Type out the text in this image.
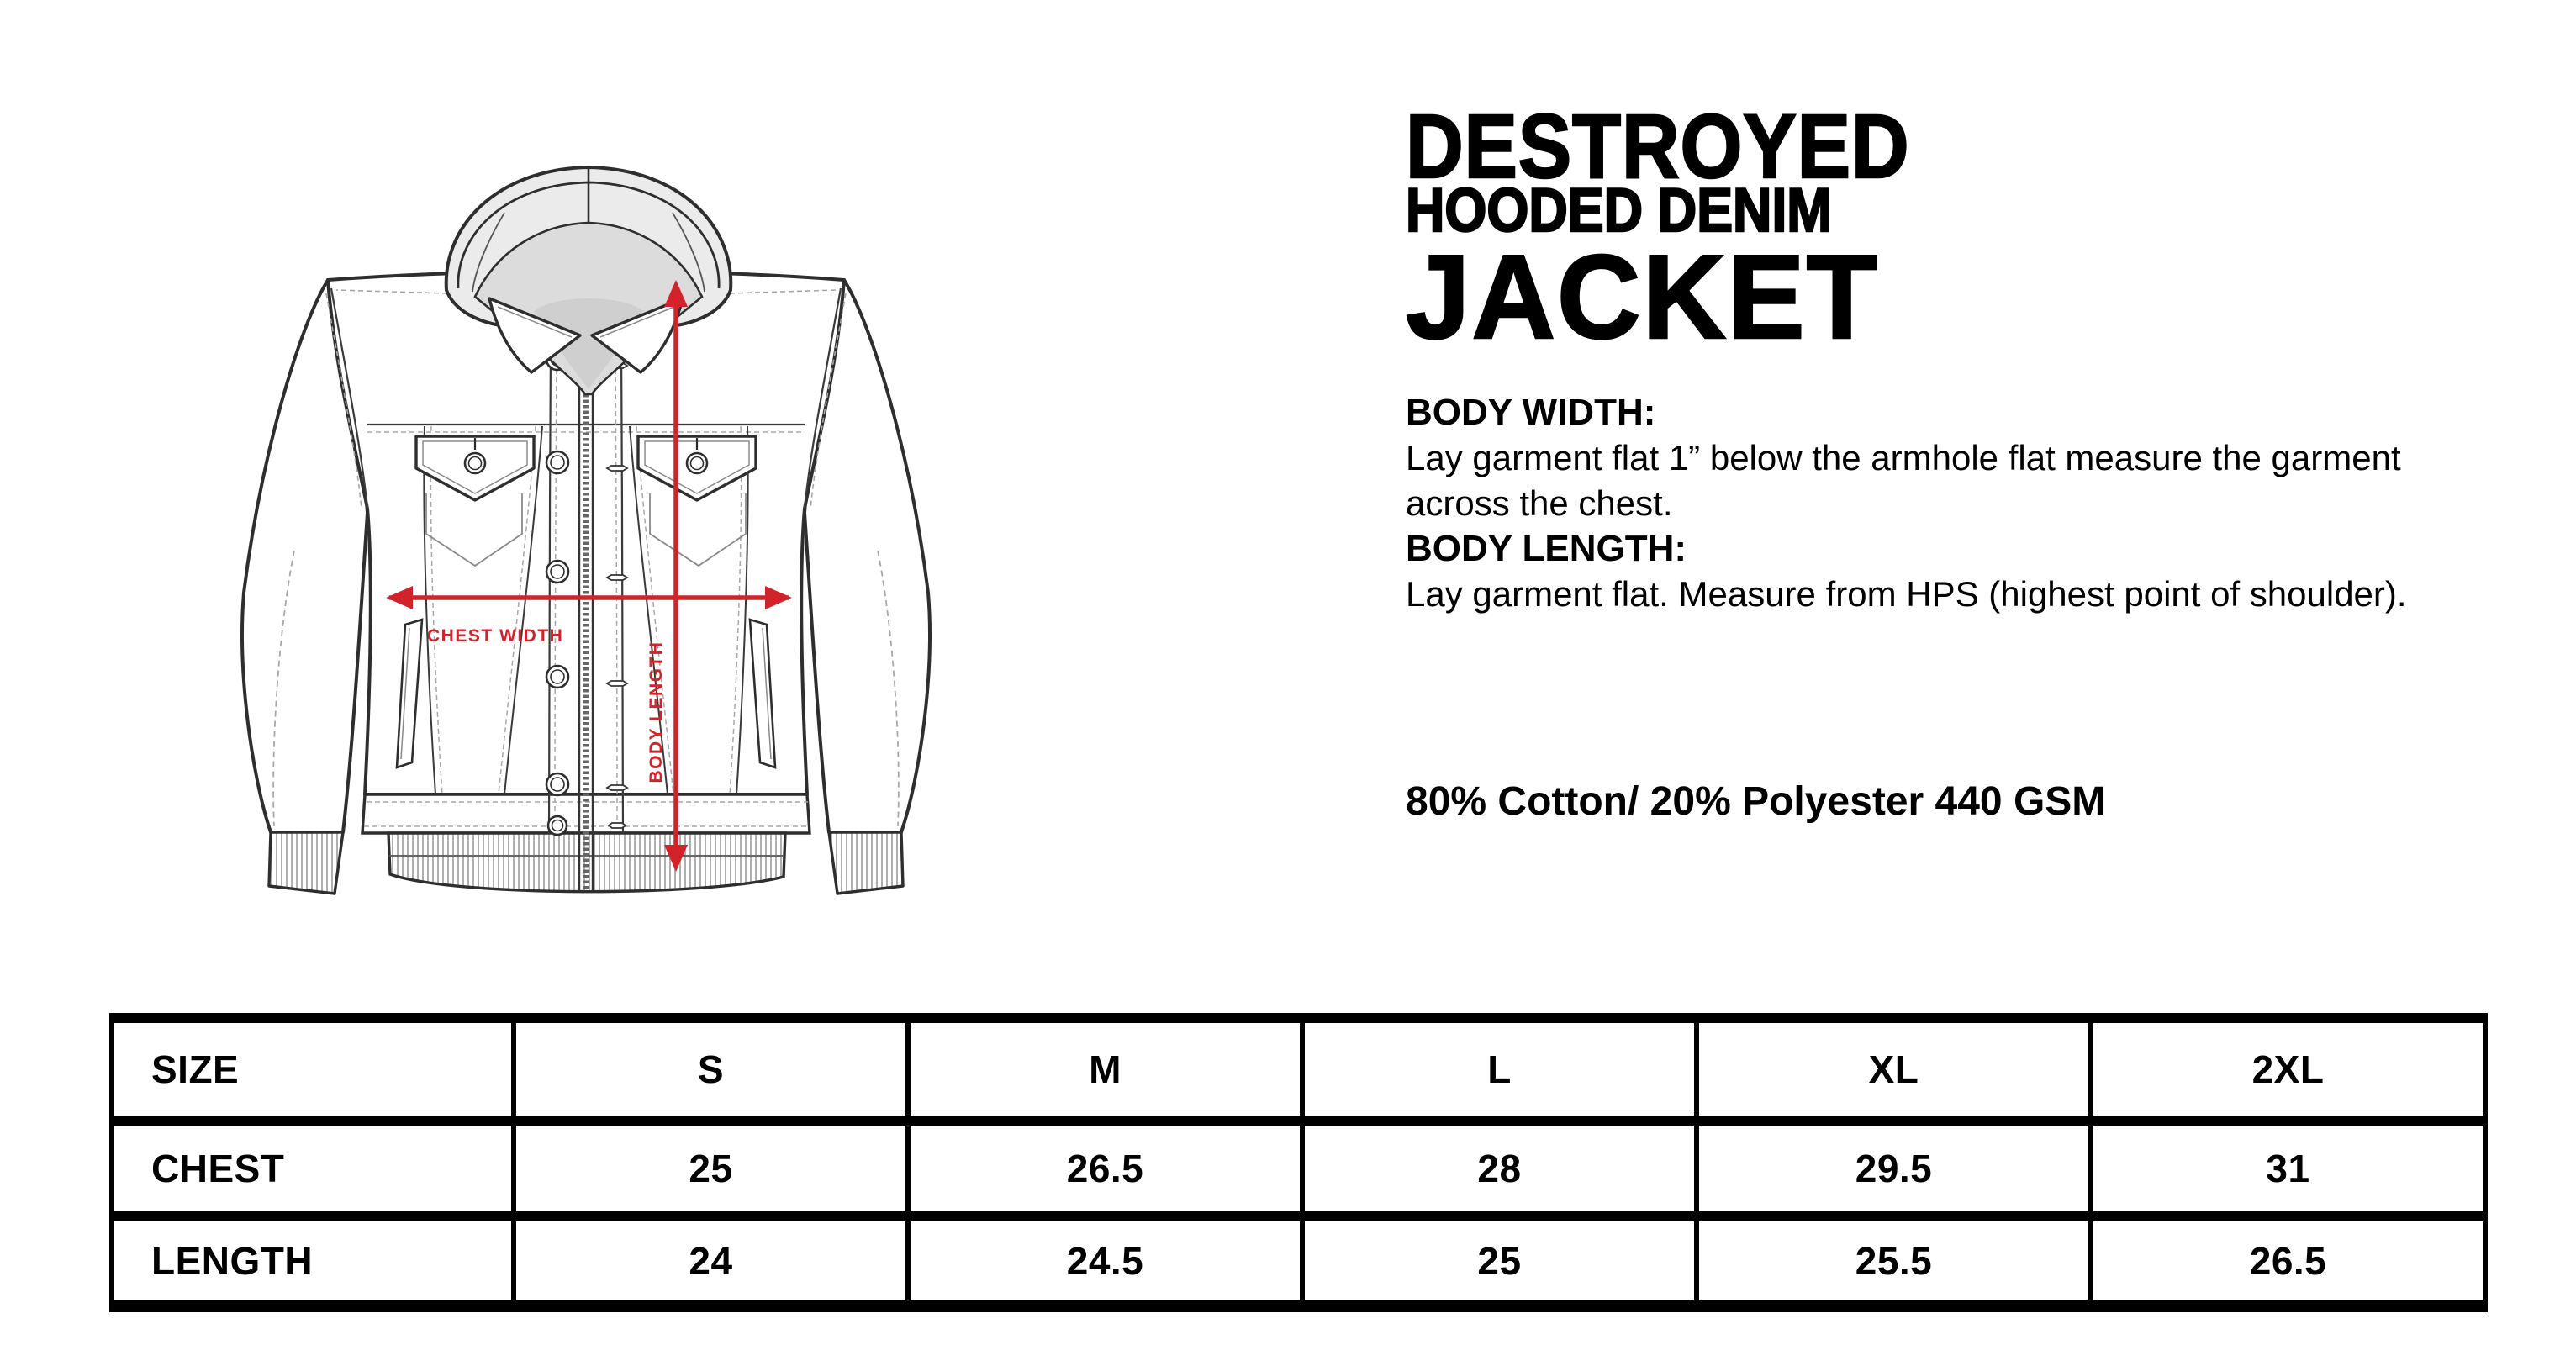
CHEST WIDTH
BODY LENGTH
DESTROYED
HOODED DENIM
JACKET
BODY WIDTH:
Lay garment flat 1” below the armhole flat measure the garment across the chest.
BODY LENGTH:
Lay garment flat. Measure from HPS (highest point of shoulder).
80% Cotton/ 20% Polyester 440 GSM
SIZE	S	M	L	XL	2XL
CHEST	25	26.5	28	29.5	31
LENGTH	24	24.5	25	25.5	26.5
